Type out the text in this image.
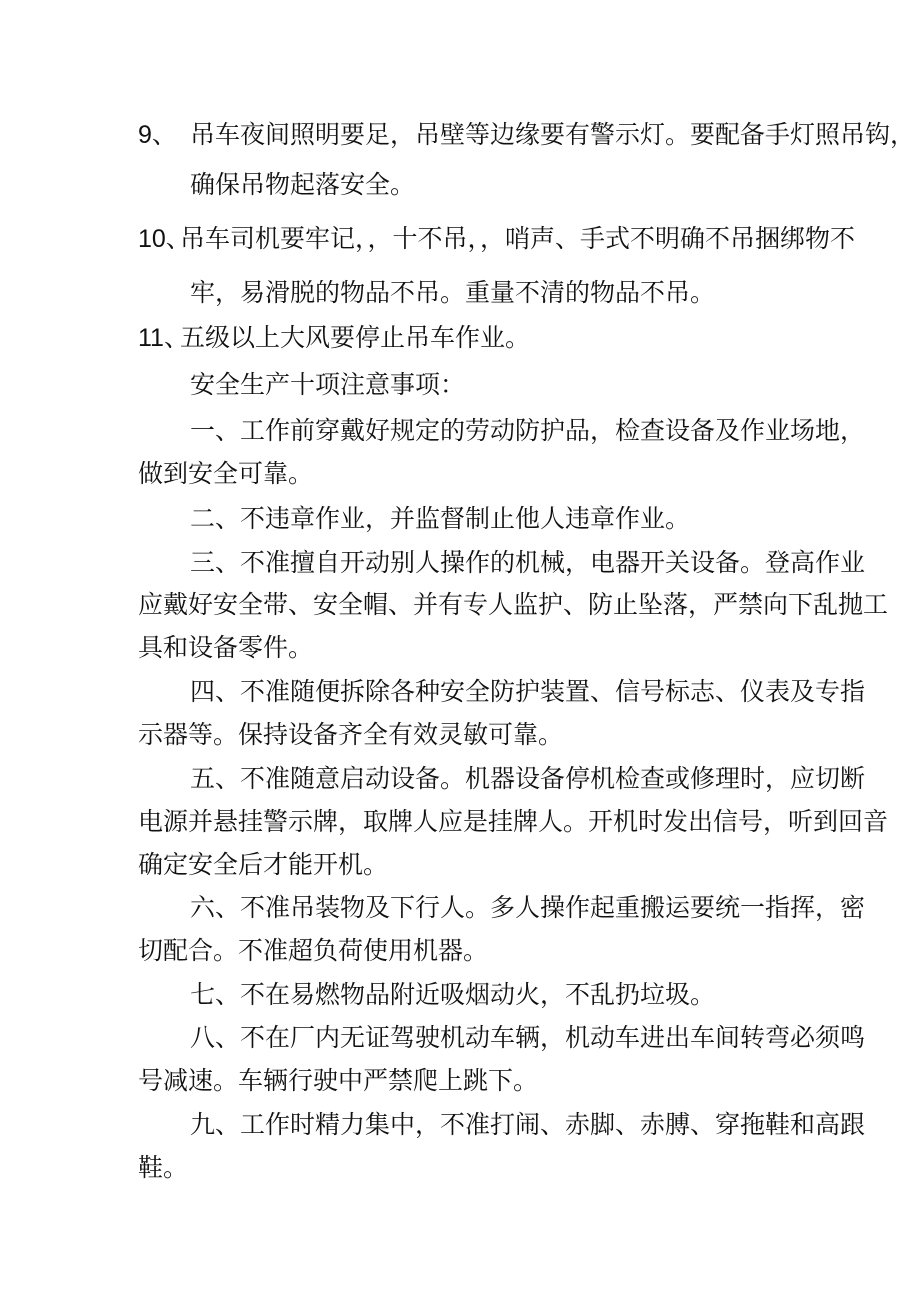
9、 吊车夜间照明要足，吊壁等边缘要有警示灯。要配备手灯照吊钩，
确保吊物起落安全。
10、
吊车司机要牢记，，十不吊，，哨声、手式不明确不吊捆绑物不
牢，易滑脱的物品不吊。重量不清的物品不吊。
11、
五级以上大风要停止吊车作业。
安全生产十项注意事项：
一、工作前穿戴好规定的劳动防护品，检查设备及作业场地，
做到安全可靠。
二、不违章作业，并监督制止他人违章作业。
三、不准擅自开动别人操作的机械，电器开关设备。登高作业
应戴好安全带、安全帽、并有专人监护、防止坠落，严禁向下乱抛工
具和设备零件。
四、不准随便拆除各种安全防护装置、信号标志、仪表及专指
示器等。保持设备齐全有效灵敏可靠。
五、不准随意启动设备。机器设备停机检查或修理时，应切断
电源并悬挂警示牌，取牌人应是挂牌人。开机时发出信号，听到回音
确定安全后才能开机。
六、不准吊装物及下行人。多人操作起重搬运要统一指挥，密
切配合。不准超负荷使用机器。
七、不在易燃物品附近吸烟动火，不乱扔垃圾。
八、不在厂内无证驾驶机动车辆，机动车进出车间转弯必须鸣
号减速。车辆行驶中严禁爬上跳下。
九、工作时精力集中，不准打闹、赤脚、赤膊、穿拖鞋和高跟
鞋。
